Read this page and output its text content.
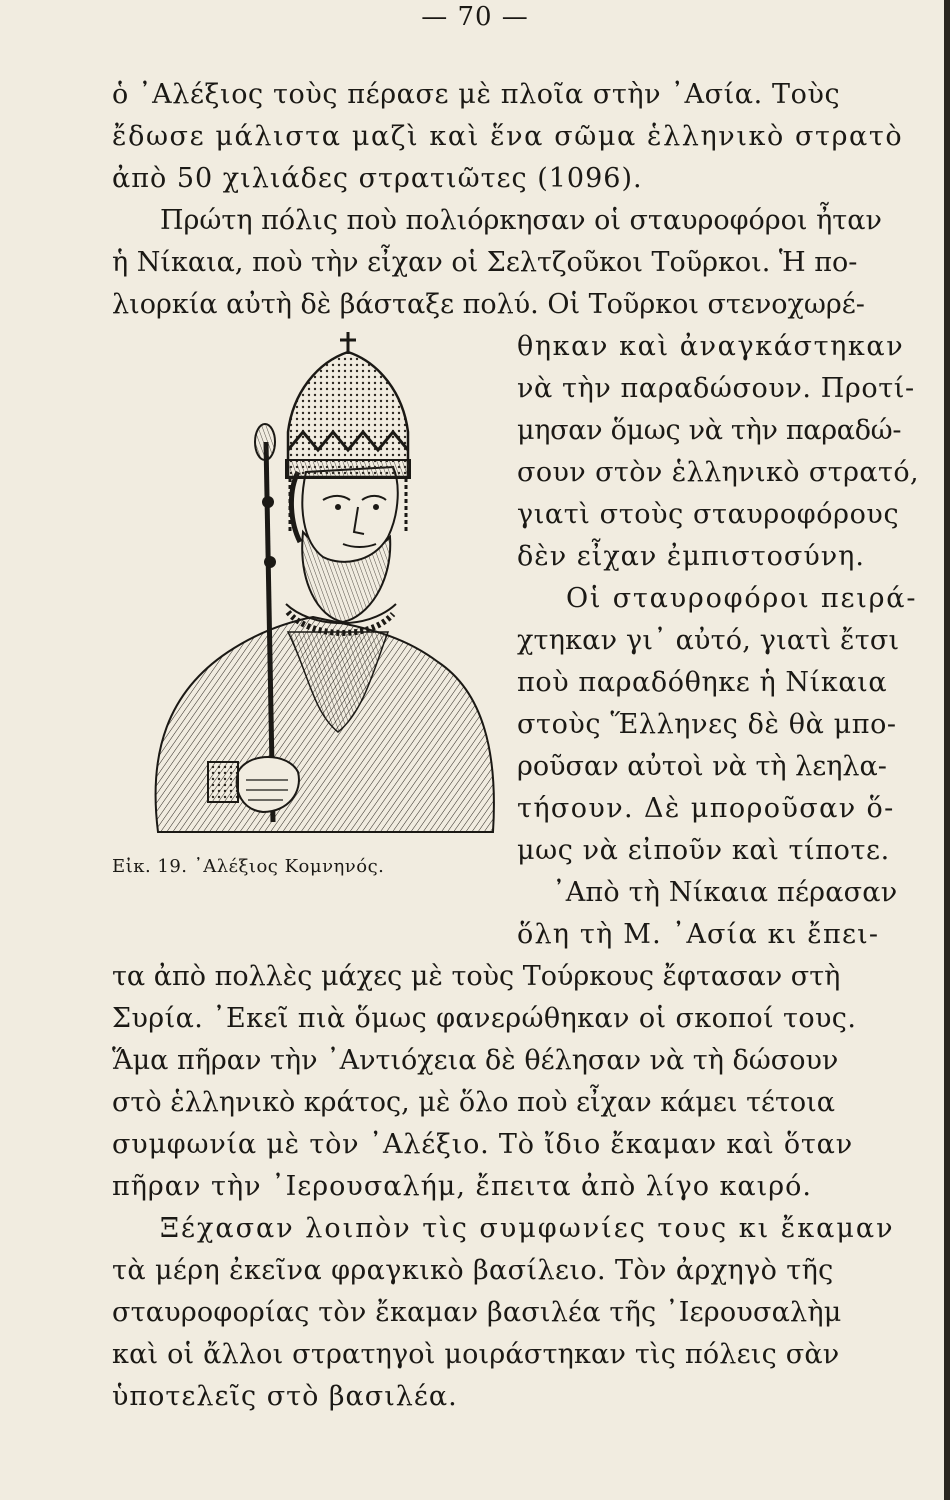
— 70 —
ὁ ᾽Αλέξιος τοὺς πέρασε μὲ πλοῖα στὴν ᾽Ασία. Τοὺς
ἔδωσε μάλιστα μαζὶ καὶ ἕνα σῶμα ἑλληνικὸ στρατὸ
ἀπὸ 50 χιλιάδες στρατιῶτες (1096).
Πρώτη πόλις ποὺ πολιόρκησαν οἱ σταυροφόροι ἦταν
ἡ Νίκαια, ποὺ τὴν εἶχαν οἱ Σελτζοῦκοι Τοῦρκοι. Ἡ πο-
λιορκία αὐτὴ δὲ βάσταξε πολύ. Οἱ Τοῦρκοι στενοχωρέ-
θηκαν καὶ ἀναγκάστηκαν
νὰ τὴν παραδώσουν. Προτί-
μησαν ὅμως νὰ τὴν παραδώ-
σουν στὸν ἑλληνικὸ στρατό,
γιατὶ στοὺς σταυροφόρους
δὲν εἶχαν ἐμπιστοσύνη.
Οἱ σταυροφόροι πειρά-
χτηκαν γι᾽ αὐτό, γιατὶ ἔτσι
ποὺ παραδόθηκε ἡ Νίκαια
στοὺς Ἕλληνες δὲ θὰ μπο-
ροῦσαν αὐτοὶ νὰ τὴ λεηλα-
τήσουν. Δὲ μποροῦσαν ὅ-
μως νὰ εἰποῦν καὶ τίποτε.
᾽Απὸ τὴ Νίκαια πέρασαν
ὅλη τὴ Μ. ᾽Ασία κι ἔπει-
τα ἀπὸ πολλὲς μάχες μὲ τοὺς Τούρκους ἔφτασαν στὴ
Συρία. ᾽Εκεῖ πιὰ ὅμως φανερώθηκαν οἱ σκοποί τους.
Ἅμα πῆραν τὴν ᾽Αντιόχεια δὲ θέλησαν νὰ τὴ δώσουν
στὸ ἑλληνικὸ κράτος, μὲ ὅλο ποὺ εἶχαν κάμει τέτοια
συμφωνία μὲ τὸν ᾽Αλέξιο. Τὸ ἴδιο ἔκαμαν καὶ ὅταν
πῆραν τὴν ᾽Ιερουσαλήμ, ἔπειτα ἀπὸ λίγο καιρό.
Ξέχασαν λοιπὸν τὶς συμφωνίες τους κι ἔκαμαν
τὰ μέρη ἐκεῖνα φραγκικὸ βασίλειο. Τὸν ἀρχηγὸ τῆς
σταυροφορίας τὸν ἔκαμαν βασιλέα τῆς ᾽Ιερουσαλὴμ
καὶ οἱ ἄλλοι στρατηγοὶ μοιράστηκαν τὶς πόλεις σὰν
ὑποτελεῖς στὸ βασιλέα.
Εἰκ. 19. ᾽Αλέξιος Κομνηνός.
